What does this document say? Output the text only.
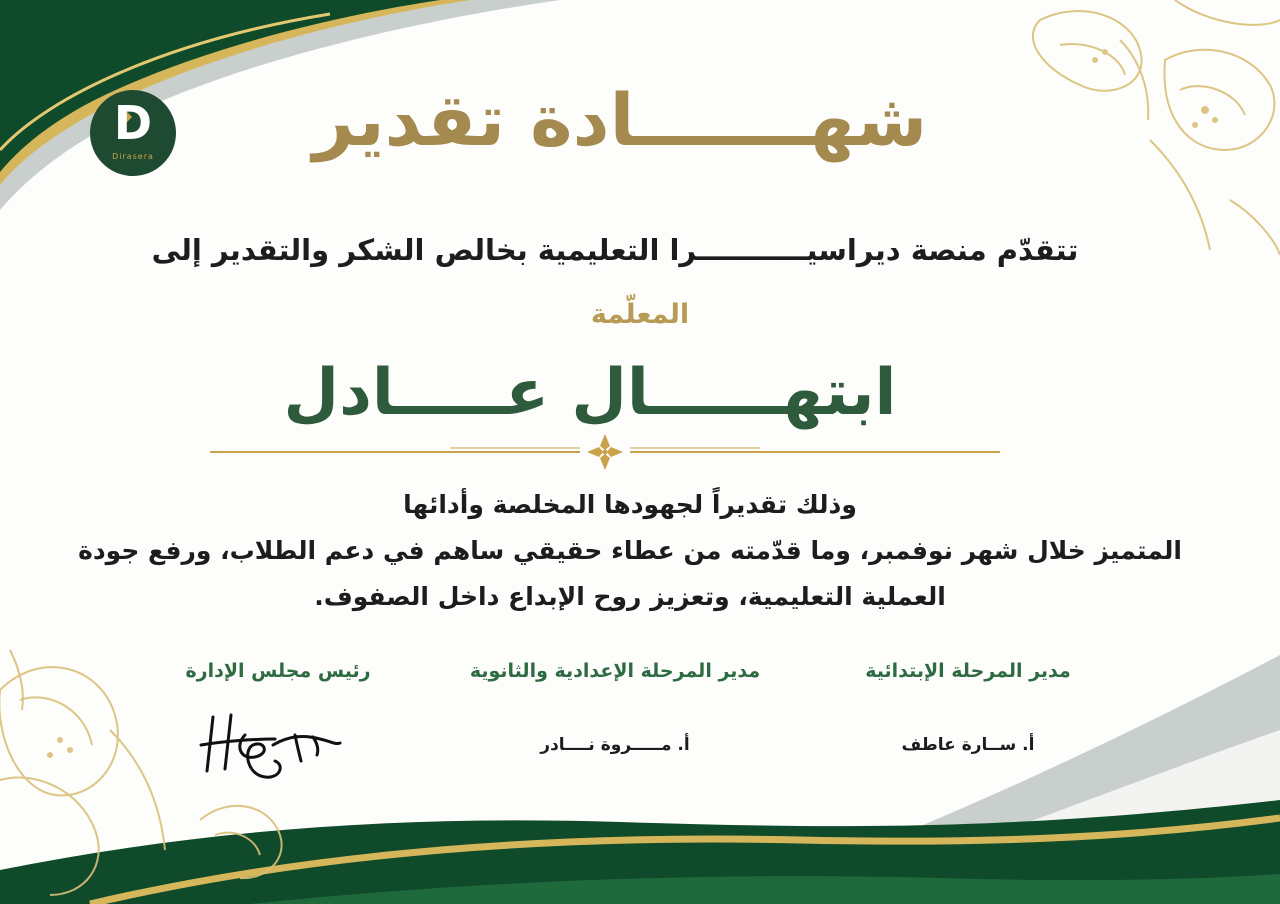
D
Dirasera	شهـــــــادة تقدير
تتقدّم منصة ديراسيـــــــــــرا التعليمية بخالص الشكر والتقدير إلى
المعلّمة
ابتهــــــال عـــــادل
وذلك تقديراً لجهودها المخلصة وأدائها
المتميز خلال شهر نوفمبر، وما قدّمته من عطاء حقيقي ساهم في دعم الطلاب، ورفع جودة
العملية التعليمية، وتعزيز روح الإبداع داخل الصفوف.
مدير المرحلة الإبتدائية
أ. ســارة عاطف
مدير المرحلة الإعدادية والثانوية
أ. مـــــروة نــــادر
رئيس مجلس الإدارة
